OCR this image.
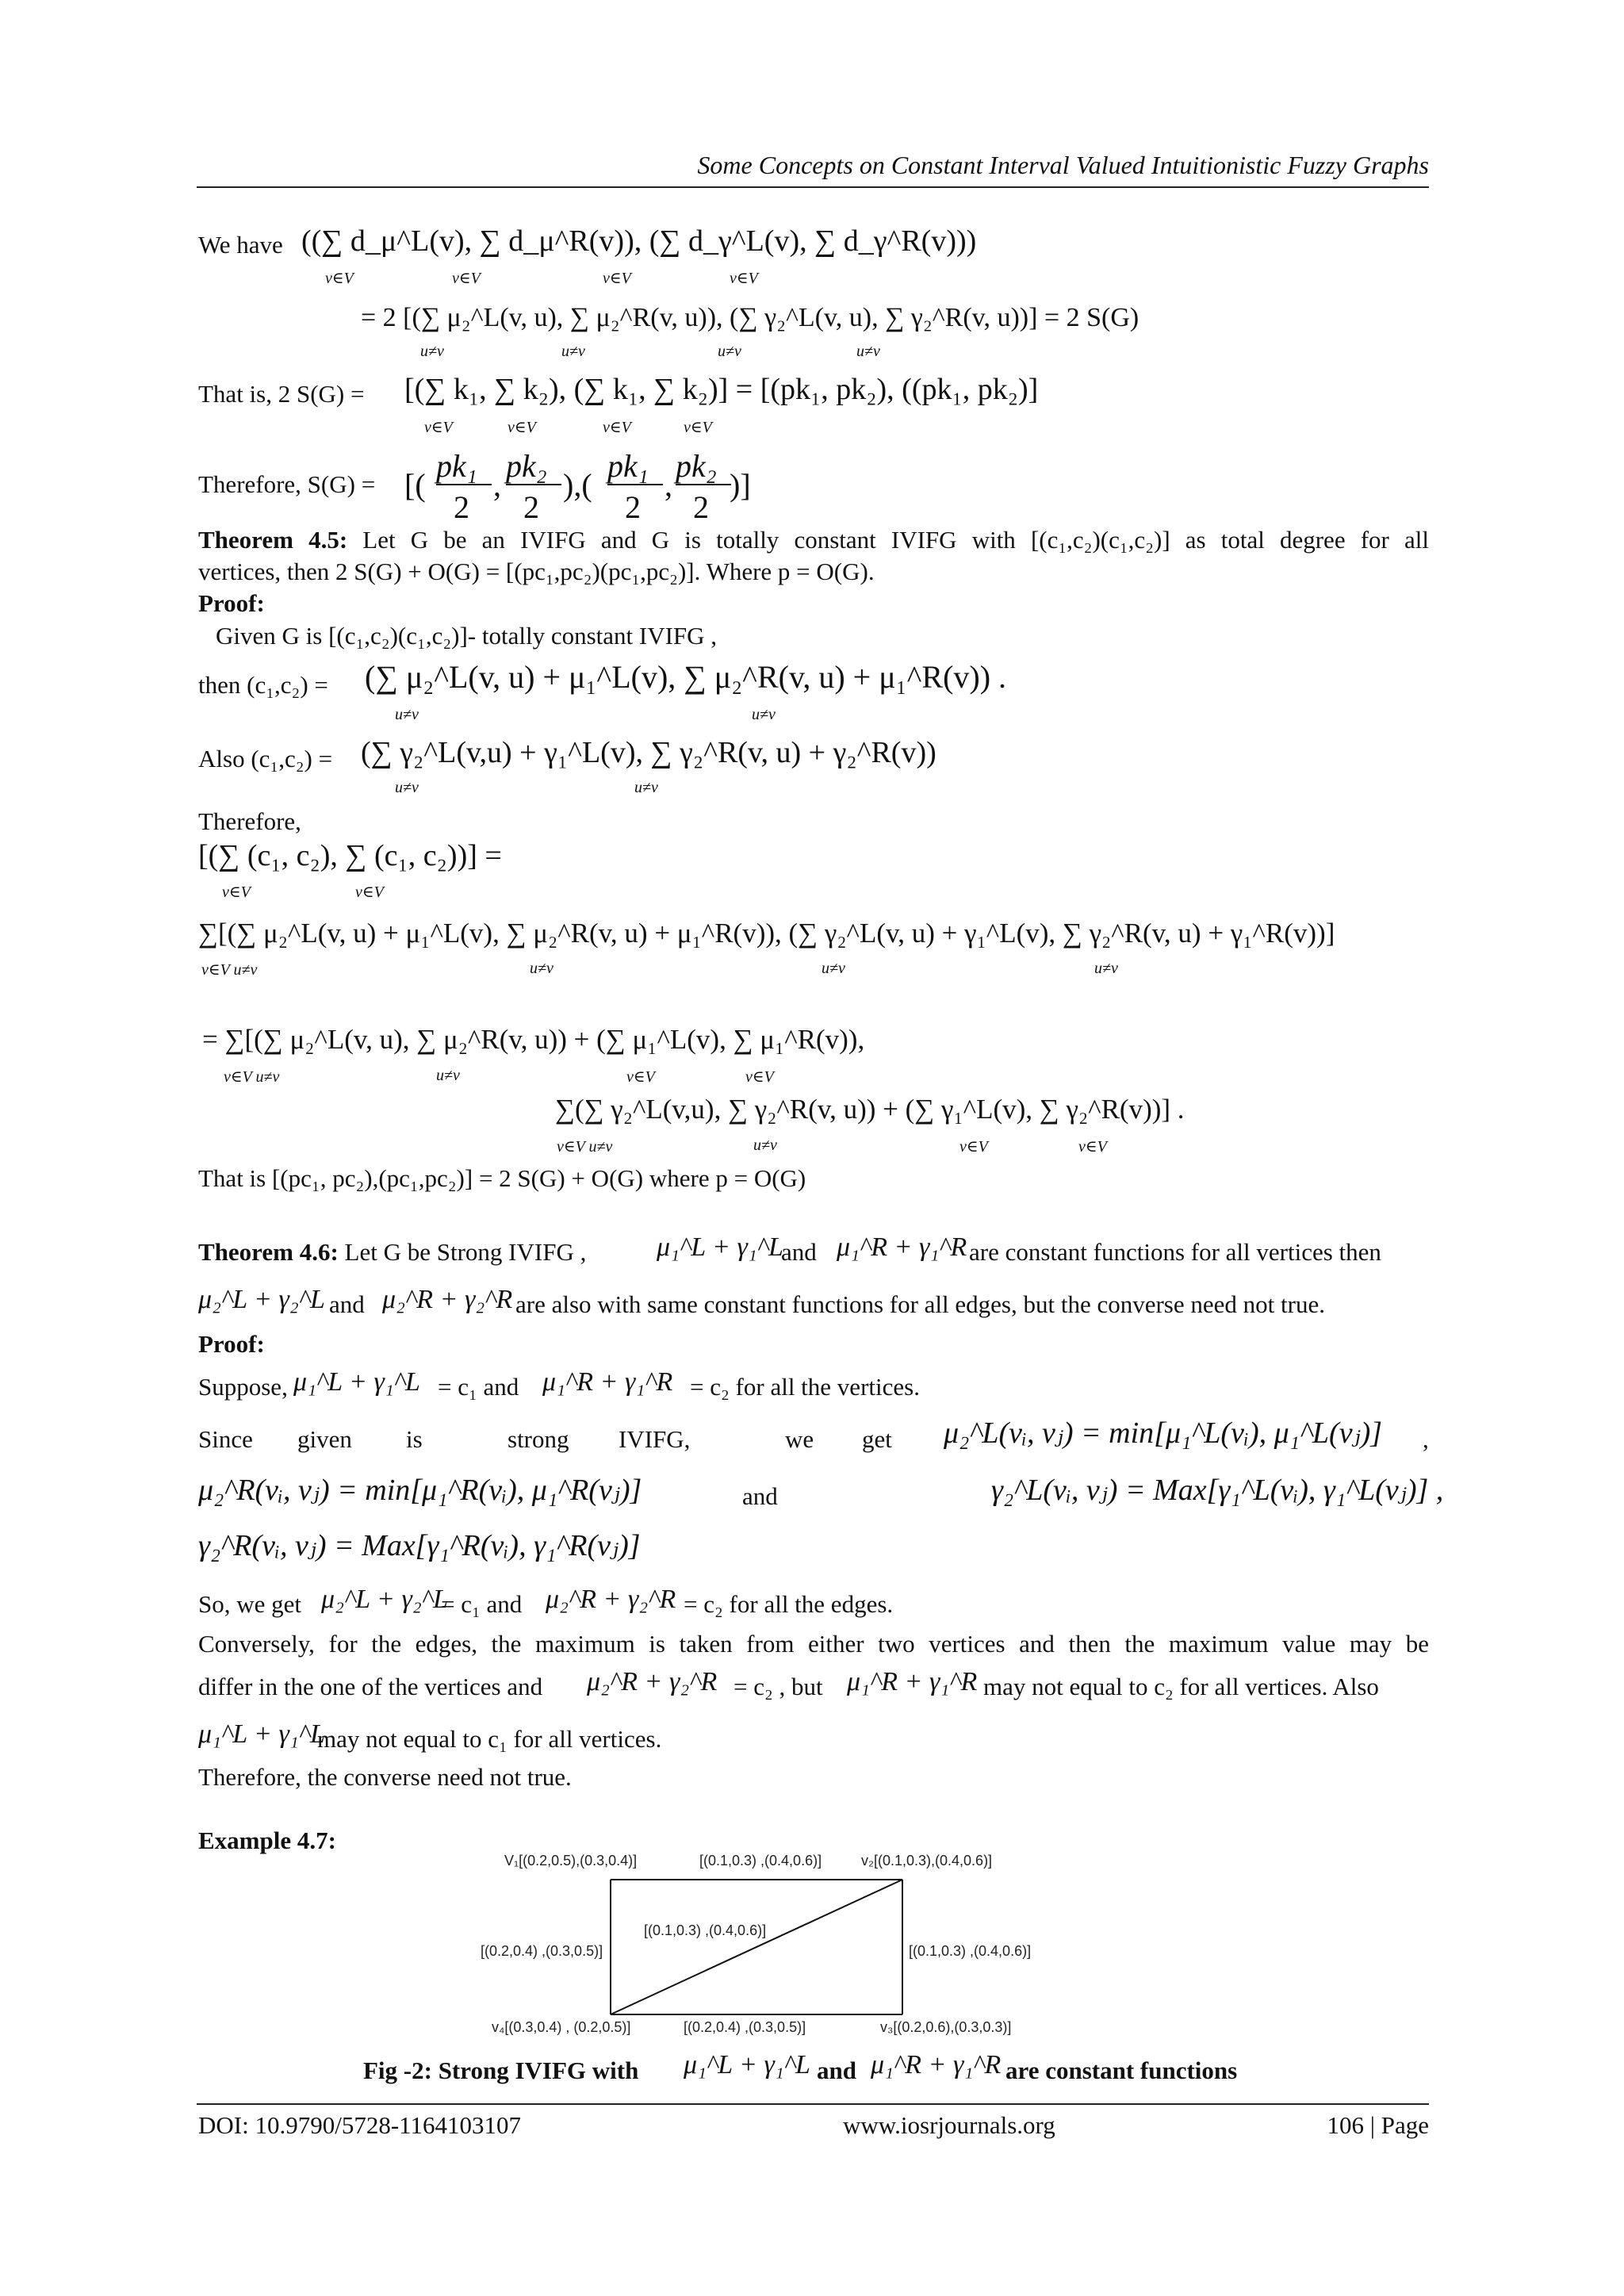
Some Concepts on Constant Interval Valued Intuitionistic Fuzzy Graphs
We have ((∑ d_μ^L(v), ∑ d_μ^R(v)), (∑ d_γ^L(v), ∑ d_γ^R(v)))
v∈V	v∈V	v∈V	v∈V
= 2 [(∑ μ₂^L(v, u), ∑ μ₂^R(v, u)), (∑ γ₂^L(v, u), ∑ γ₂^R(v, u))] = 2 S(G)
u≠v	u≠v	u≠v	u≠v
That is, 2 S(G) = [(∑ k₁, ∑ k₂), (∑ k₁, ∑ k₂)] = [(pk₁, pk₂), ((pk₁, pk₂)]
v∈V	v∈V	v∈V	v∈V
Therefore, S(G) = [(
pk₁
2
,
pk₂
2
),(
pk₁
2
,
pk₂
2
)]
Theorem 4.5: Let G be an IVIFG and G is totally constant IVIFG with [(c₁,c₂)(c₁,c₂)] as total degree for all
vertices, then 2 S(G) + O(G) = [(pc₁,pc₂)(pc₁,pc₂)]. Where p = O(G).
Proof:
Given G is [(c₁,c₂)(c₁,c₂)]- totally constant IVIFG ,
then (c₁,c₂) = (∑ μ₂^L(v, u) + μ₁^L(v), ∑ μ₂^R(v, u) + μ₁^R(v)) .
u≠v	u≠v
Also (c₁,c₂) = (∑ γ₂^L(v,u) + γ₁^L(v), ∑ γ₂^R(v, u) + γ₂^R(v))
u≠v	u≠v
Therefore,
[(∑ (c₁, c₂), ∑ (c₁, c₂))] =
v∈V	v∈V
∑[(∑ μ₂^L(v, u) + μ₁^L(v), ∑ μ₂^R(v, u) + μ₁^R(v)), (∑ γ₂^L(v, u) + γ₁^L(v), ∑ γ₂^R(v, u) + γ₁^R(v))]
v∈V u≠v	u≠v	u≠v	u≠v
= ∑[(∑ μ₂^L(v, u), ∑ μ₂^R(v, u)) + (∑ μ₁^L(v), ∑ μ₁^R(v)),
v∈V u≠v	u≠v	v∈V	v∈V
∑(∑ γ₂^L(v,u), ∑ γ₂^R(v, u)) + (∑ γ₁^L(v), ∑ γ₂^R(v))] .
v∈V u≠v	u≠v	v∈V	v∈V
That is [(pc₁, pc₂),(pc₁,pc₂)] = 2 S(G) + O(G) where p = O(G)
Theorem 4.6: Let G be Strong IVIFG ,	μ₁^L + γ₁^L
and μ₁^R + γ₁^R are constant functions for all vertices then
μ₂^L + γ₂^L and μ₂^R + γ₂^R are also with same constant functions for all edges, but the converse need not true.
Proof:
Suppose, μ₁^L + γ₁^L = c₁ and μ₁^R + γ₁^R = c₂ for all the vertices.
Since given is	strong IVIFG,	we get μ₂^L(vᵢ, vⱼ) = min[μ₁^L(vᵢ), μ₁^L(vⱼ)] ,
μ₂^R(vᵢ, vⱼ) = min[μ₁^R(vᵢ), μ₁^R(vⱼ)]	and	γ₂^L(vᵢ, vⱼ) = Max[γ₁^L(vᵢ), γ₁^L(vⱼ)] ,
γ₂^R(vᵢ, vⱼ) = Max[γ₁^R(vᵢ), γ₁^R(vⱼ)]
So, we get μ₂^L + γ₂^L
= c₁ and μ₂^R + γ₂^R = c₂ for all the edges.
Conversely, for the edges, the maximum is taken from either two vertices and then the maximum value may be
differ in the one of the vertices and μ₂^R + γ₂^R = c₂ , but μ₁^R + γ₁^R may not equal to c₂ for all vertices. Also
μ₁^L + γ₁^L
may not equal to c₁ for all vertices.
Therefore, the converse need not true.
Example 4.7:
V₁[(0.2,0.5),(0.3,0.4)]	v₂[(0.1,0.3),(0.4,0.6)]
v₃[(0.2,0.6),(0.3,0.3)]
v₄[(0.3,0.4) , (0.2,0.5)]
[(0.1,0.3) ,(0.4,0.6)]
[(0.2,0.4) ,(0.3,0.5)]	[(0.1,0.3) ,(0.4,0.6)]
[(0.2,0.4) ,(0.3,0.5)]
[(0.1,0.3) ,(0.4,0.6)]
Fig -2: Strong IVIFG with μ₁^L + γ₁^L and μ₁^R + γ₁^R are constant functions
DOI: 10.9790/5728-1164103107	www.iosrjournals.org	106 | Page
